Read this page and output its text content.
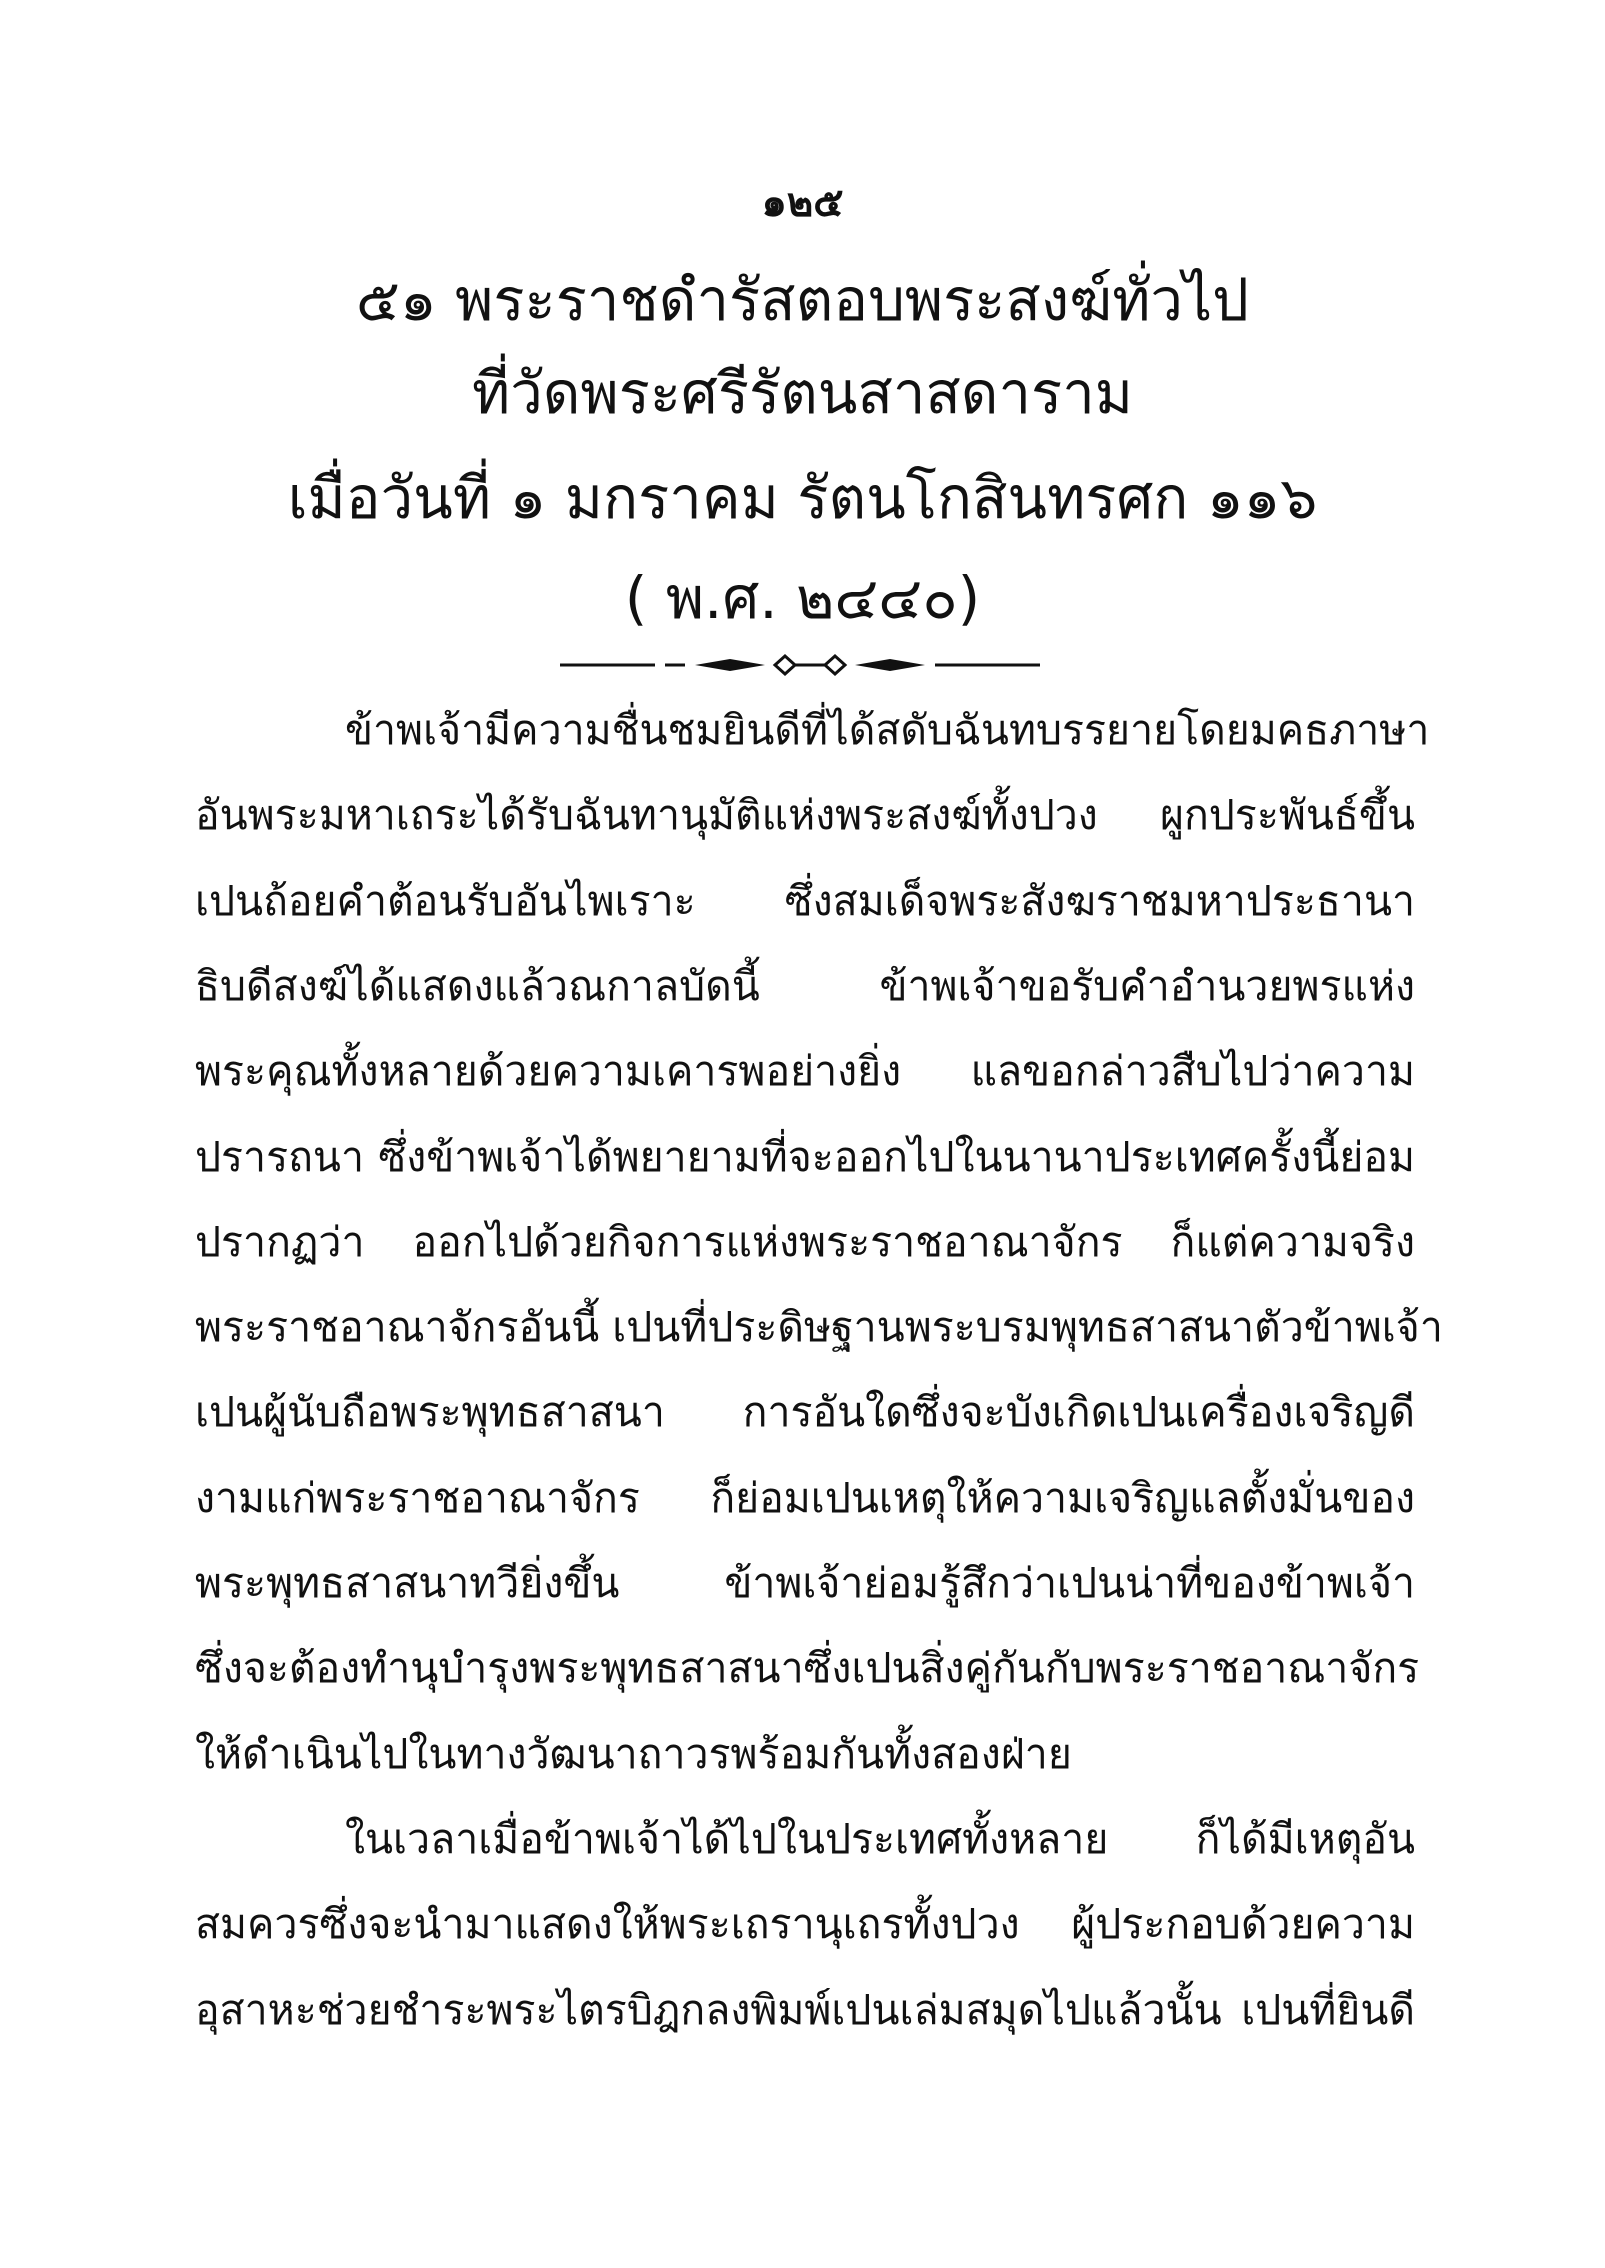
๑๒๕
๕๑ พระราชดำรัสตอบพระสงฆ์ทั่วไป
ที่วัดพระศรีรัตนสาสดาราม
เมื่อวันที่ ๑ มกราคม รัตนโกสินทรศก ๑๑๖
( พ.ศ. ๒๔๔๐)
ข้าพเจ้ามีความชื่นชมยินดี ที่ได้สดับฉันทบรรยายโดยมคธภาษา
อันพระมหาเถระได้รับฉันทานุมัติแห่งพระสงฆ์ทั้งปวง ผูกประพันธ์ขึ้น
เปนถ้อยคำต้อนรับอันไพเราะ ซึ่งสมเด็จพระสังฆราชมหาประธานา
ธิบดีสงฆ์ได้แสดงแล้วณกาลบัดนี้	ข้าพเจ้าขอรับคำอำนวยพรแห่ง
พระคุณทั้งหลายด้วยความเคารพอย่างยิ่ง แลขอกล่าวสืบไปว่าความ
ปรารถนา ซึ่งข้าพเจ้าได้พยายามที่จะออกไปในนานาประเทศครั้งนี้ย่อม
ปรากฏว่า ออกไปด้วยกิจการแห่งพระราชอาณาจักร ก็แต่ความจริง
พระราชอาณาจักรอันนี้ เปนที่ประดิษฐานพระบรมพุทธสาสนา ตัวข้าพเจ้า
เปนผู้นับถือพระพุทธสาสนา การอันใดซึ่งจะบังเกิดเปนเครื่องเจริญดี
งามแก่พระราชอาณาจักร ก็ย่อมเปนเหตุให้ความเจริญแลตั้งมั่นของ
พระพุทธสาสนาทวียิ่งขึ้น	ข้าพเจ้าย่อมรู้สึกว่าเปนน่าที่ของข้าพเจ้า
ซึ่งจะต้องทำนุบำรุงพระพุทธสาสนา ซึ่งเปนสิ่งคู่กันกับพระราชอาณาจักร
ให้ดำเนินไปในทางวัฒนาถาวรพร้อมกันทั้งสองฝ่าย
ในเวลาเมื่อข้าพเจ้าได้ไปในประเทศทั้งหลาย ก็ได้มีเหตุอัน
สมควรซึ่งจะนำมาแสดงให้พระเถรานุเถรทั้งปวง ผู้ประกอบด้วยความ
อุสาหะช่วยชำระพระไตรบิฎกลงพิมพ์เปนเล่มสมุดไปแล้วนั้น เปนที่ยินดี
